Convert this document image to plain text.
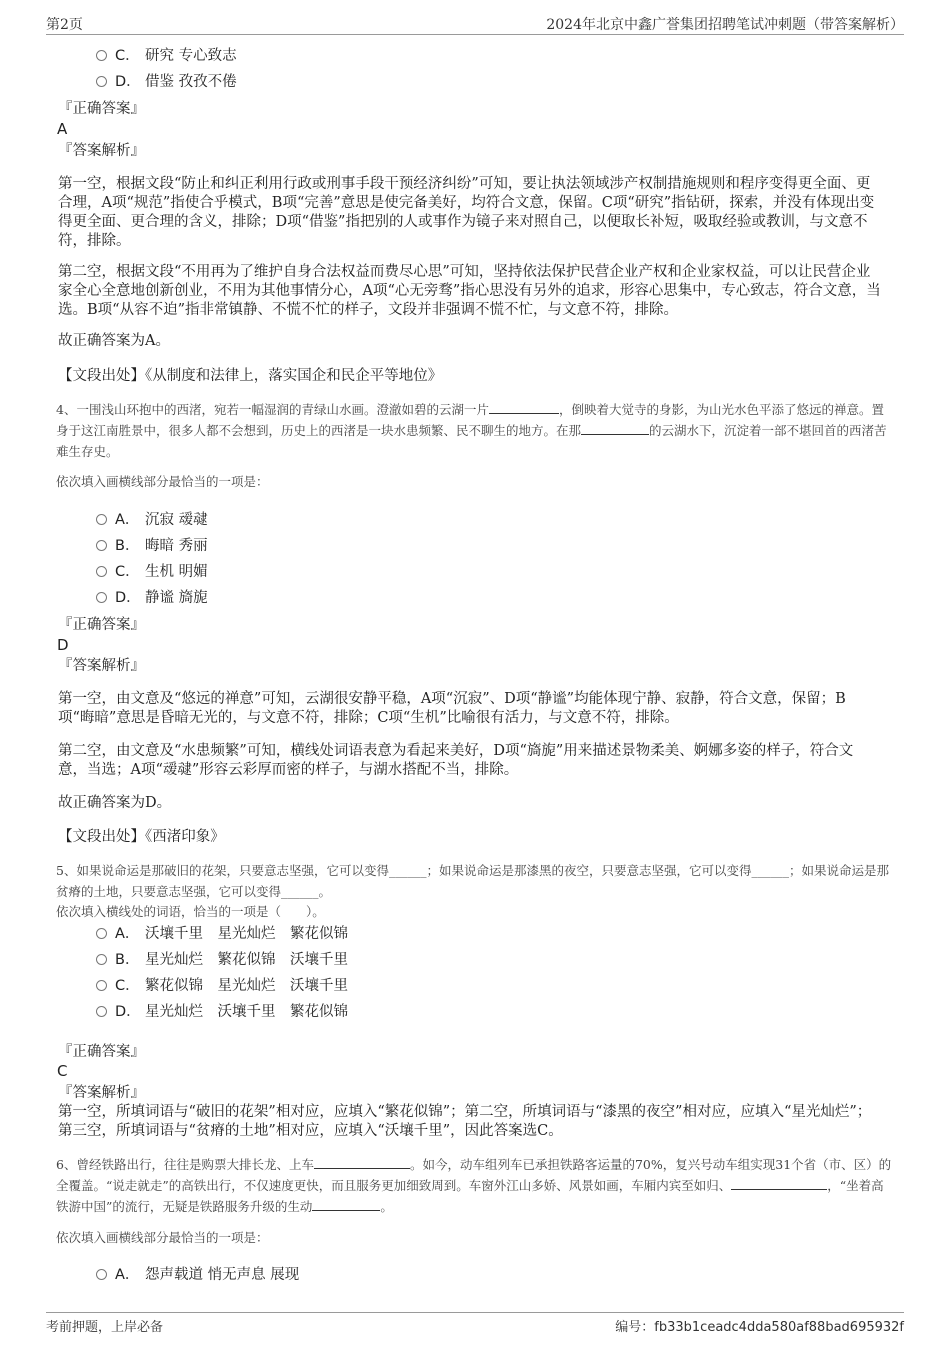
第2页	2024年北京中鑫广誉集团招聘笔试冲刺题（带答案解析）
C． 研究 专心致志
D． 借鉴 孜孜不倦
『正确答案』
A
『答案解析』
第一空，根据文段“防止和纠正利用行政或刑事手段干预经济纠纷”可知，要让执法领域涉产权制措施规则和程序变得更全面、更合理，A项“规范”指使合乎模式，B项“完善”意思是使完备美好，均符合文意，保留。C项“研究”指钻研，探索，并没有体现出变得更全面、更合理的含义，排除；D项“借鉴”指把别的人或事作为镜子来对照自己，以便取长补短，吸取经验或教训，与文意不符，排除。
第二空，根据文段“不用再为了维护自身合法权益而费尽心思”可知，坚持依法保护民营企业产权和企业家权益，可以让民营企业家全心全意地创新创业，不用为其他事情分心，A项“心无旁骛”指心思没有另外的追求，形容心思集中，专心致志，符合文意，当选。B项“从容不迫”指非常镇静、不慌不忙的样子，文段并非强调不慌不忙，与文意不符，排除。
故正确答案为A。
【文段出处】《从制度和法律上，落实国企和民企平等地位》
4、一围浅山环抱中的西渚，宛若一幅湿润的青绿山水画。澄澈如碧的云湖一片	，倒映着大觉寺的身影，为山光水色平添了悠远的禅意。置身于这江南胜景中，很多人都不会想到，历史上的西渚是一块水患频繁、民不聊生的地方。在那	的云湖水下，沉淀着一部不堪回首的西渚苦难生存史。
依次填入画横线部分最恰当的一项是：
A． 沉寂 叆叇
B． 晦暗 秀丽
C． 生机 明媚
D． 静谧 旖旎
『正确答案』
D
『答案解析』
第一空，由文意及“悠远的禅意”可知，云湖很安静平稳，A项“沉寂”、D项“静谧”均能体现宁静、寂静，符合文意，保留；B项“晦暗”意思是昏暗无光的，与文意不符，排除；C项“生机”比喻很有活力，与文意不符，排除。
第二空，由文意及“水患频繁”可知，横线处词语表意为看起来美好，D项“旖旎”用来描述景物柔美、婀娜多姿的样子，符合文意，当选；A项“叆叇”形容云彩厚而密的样子，与湖水搭配不当，排除。
故正确答案为D。
【文段出处】《西渚印象》
5、如果说命运是那破旧的花架，只要意志坚强，它可以变得______；如果说命运是那漆黑的夜空，只要意志坚强，它可以变得______；如果说命运是那贫瘠的土地，只要意志坚强，它可以变得______。
依次填入横线处的词语，恰当的一项是（　　）。
A． 沃壤千里　星光灿烂　繁花似锦
B． 星光灿烂　繁花似锦　沃壤千里
C． 繁花似锦　星光灿烂　沃壤千里
D． 星光灿烂　沃壤千里　繁花似锦
『正确答案』
C
『答案解析』
第一空，所填词语与“破旧的花架”相对应，应填入“繁花似锦”；第二空，所填词语与“漆黑的夜空”相对应，应填入“星光灿烂”；第三空，所填词语与“贫瘠的土地”相对应，应填入“沃壤千里”，因此答案选C。
6、曾经铁路出行，往往是购票大排长龙、上车	。如今，动车组列车已承担铁路客运量的70%，复兴号动车组实现31个省（市、区）的全覆盖。“说走就走”的高铁出行，不仅速度更快，而且服务更加细致周到。车窗外江山多娇、风景如画，车厢内宾至如归、	，“坐着高铁游中国”的流行，无疑是铁路服务升级的生动	。
依次填入画横线部分最恰当的一项是：
A． 怨声载道 悄无声息 展现
考前押题，上岸必备	编号：fb33b1ceadc4dda580af88bad695932f
